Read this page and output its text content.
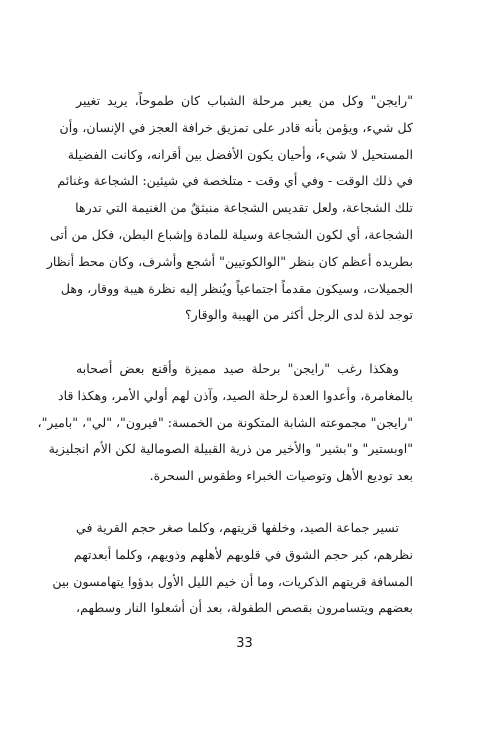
"رايجن" وكل من يعبر مرحلة الشباب كان طموحاً، يريد تغيير
كل شيء، ويؤمن بأنه قادر على تمزيق خرافة العجز في الإنسان، وأن
المستحيل لا شيء، وأحيان يكون الأفضل بين أقرانه، وكانت الفضيلة
في ذلك الوقت - وفي أي وقت - متلخصة في شيئين: الشجاعة وغنائم
تلك الشجاعة، ولعل تقديس الشجاعة منبثقٌ من الغنيمة التي تدرها
الشجاعة، أي لكون الشجاعة وسيلة للمادة وإشباع البطن، فكل من أتى
بطريده أعظم كان بنظر "الوالكوتيين" أشجع وأشرف، وكان محط أنظار
الجميلات، وسيكون مقدماً اجتماعياً ويُنظر إليه نظرة هيبة ووقار، وهل
توجد لذة لدى الرجل أكثر من الهيبة والوقار؟
وهكذا رغب "رايجن" برحلة صيد مميزة وأقنع بعض أصحابه
بالمغامرة، وأعدوا العدة لرحلة الصيد، وآذن لهم أولي الأمر، وهكذا قاد
"رايجن" مجموعته الشابة المتكونة من الخمسة: "فيرون"، "لي"، "بامير"،
"اوبستير" و"بشير" والأخير من ذرية القبيلة الصومالية لكن الأم انجليزية
بعد توديع الأهل وتوصيات الخبراء وطقوس السحرة.
تسير جماعة الصيد، وخلفها قريتهم، وكلما صغر حجم القرية في
نظرهم، كبر حجم الشوق في قلوبهم لأهلهم وذويهم، وكلما أبعدتهم
المسافة قريتهم الذكريات، وما أن خيم الليل الأول بدؤوا يتهامسون بين
بعضهم ويتسامرون بقصص الطفولة، بعد أن أشعلوا النار وسطهم،
33
